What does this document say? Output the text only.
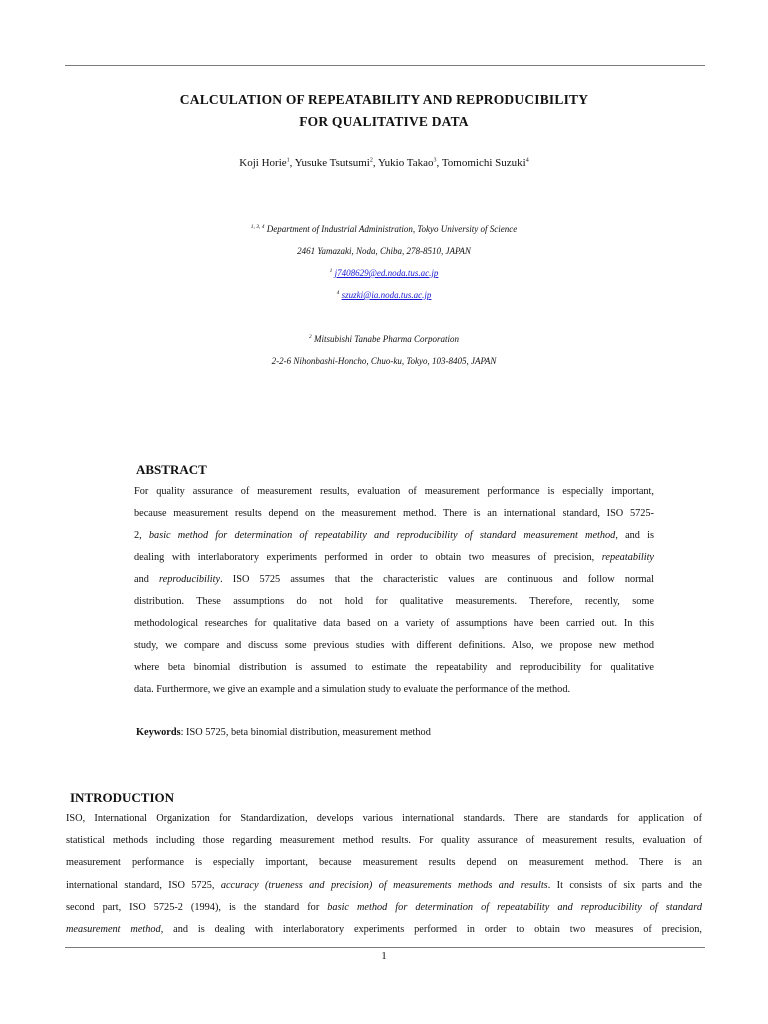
CALCULATION OF REPEATABILITY AND REPRODUCIBILITY
FOR QUALITATIVE DATA
Koji Horie$^1$, Yusuke Tsutsumi$^2$, Yukio Takao$^3$, Tomomichi Suzuki$^4$
$^{1, 3, 4}$ Department of Industrial Administration, Tokyo University of Science
2461 Yamazaki, Noda, Chiba, 278-8510, JAPAN
$^1$ j7408629@ed.noda.tus.ac.jp
$^4$ szuzki@ia.noda.tus.ac.jp
$^2$ Mitsubishi Tanabe Pharma Corporation
2-2-6 Nihonbashi-Honcho, Chuo-ku, Tokyo, 103-8405, JAPAN
ABSTRACT
For quality assurance of measurement results, evaluation of measurement performance is especially important,
because measurement results depend on the measurement method. There is an international standard, ISO 5725-
2, basic method for determination of repeatability and reproducibility of standard measurement method, and is
dealing with interlaboratory experiments performed in order to obtain two measures of precision, repeatability
and reproducibility. ISO 5725 assumes that the characteristic values are continuous and follow normal
distribution. These assumptions do not hold for qualitative measurements. Therefore, recently, some
methodological researches for qualitative data based on a variety of assumptions have been carried out. In this
study, we compare and discuss some previous studies with different definitions. Also, we propose new method
where beta binomial distribution is assumed to estimate the repeatability and reproducibility for qualitative
data. Furthermore, we give an example and a simulation study to evaluate the performance of the method.
Keywords: ISO 5725, beta binomial distribution, measurement method
INTRODUCTION
ISO, International Organization for Standardization, develops various international standards. There are standards for application of
statistical methods including those regarding measurement method results. For quality assurance of measurement results, evaluation of
measurement performance is especially important, because measurement results depend on measurement method. There is an
international standard, ISO 5725, accuracy (trueness and precision) of measurements methods and results. It consists of six parts and the
second part, ISO 5725-2 (1994), is the standard for basic method for determination of repeatability and reproducibility of standard
measurement method, and is dealing with interlaboratory experiments performed in order to obtain two measures of precision,
1
